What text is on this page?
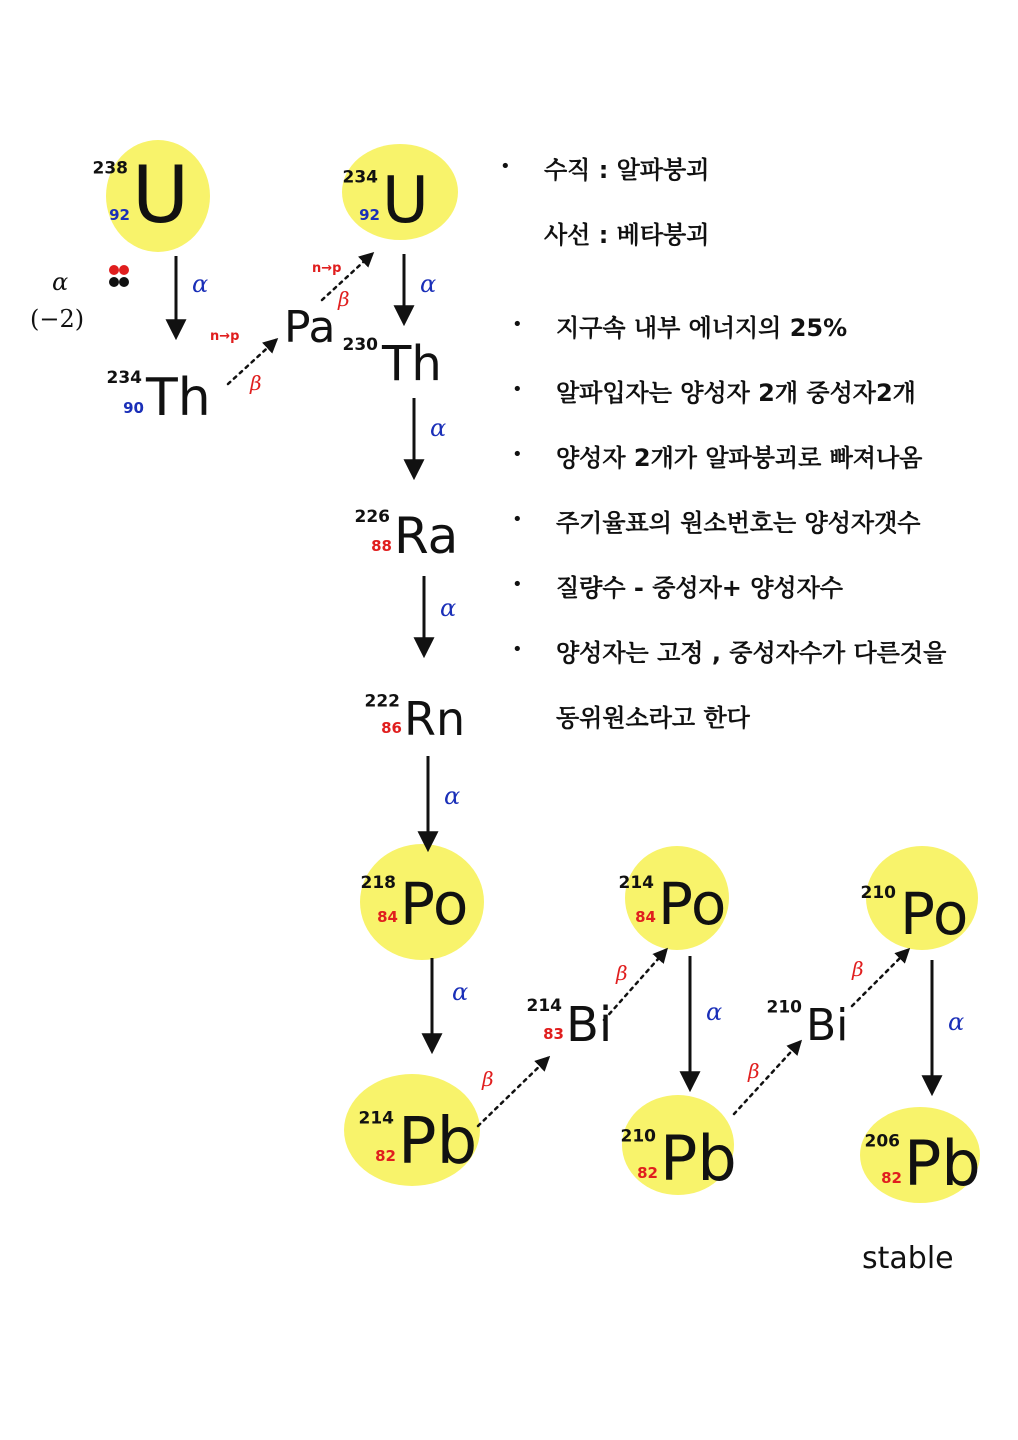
α
β
n→p
β
n→p
α
α
α
α
α
β
β
α
β
β
α
238 U
92
234 Th
90
Pa
234 U
92
230 Th
226 Ra
88
222 Rn
86
218 Po
84
214 Pb
82
214 Bi
83
214 Po
84
210 Pb
82
210 Bi
210 Po
206 Pb
82
α
(−2)
stable
• 수직 : 알파붕괴
사선 : 베타붕괴
• 지구속 내부 에너지의 25%
• 알파입자는 양성자 2개 중성자2개
• 양성자 2개가 알파붕괴로 빠져나옴
• 주기율표의 원소번호는 양성자갯수
• 질량수 - 중성자+ 양성자수
• 양성자는 고정 , 중성자수가 다른것을
동위원소라고 한다
